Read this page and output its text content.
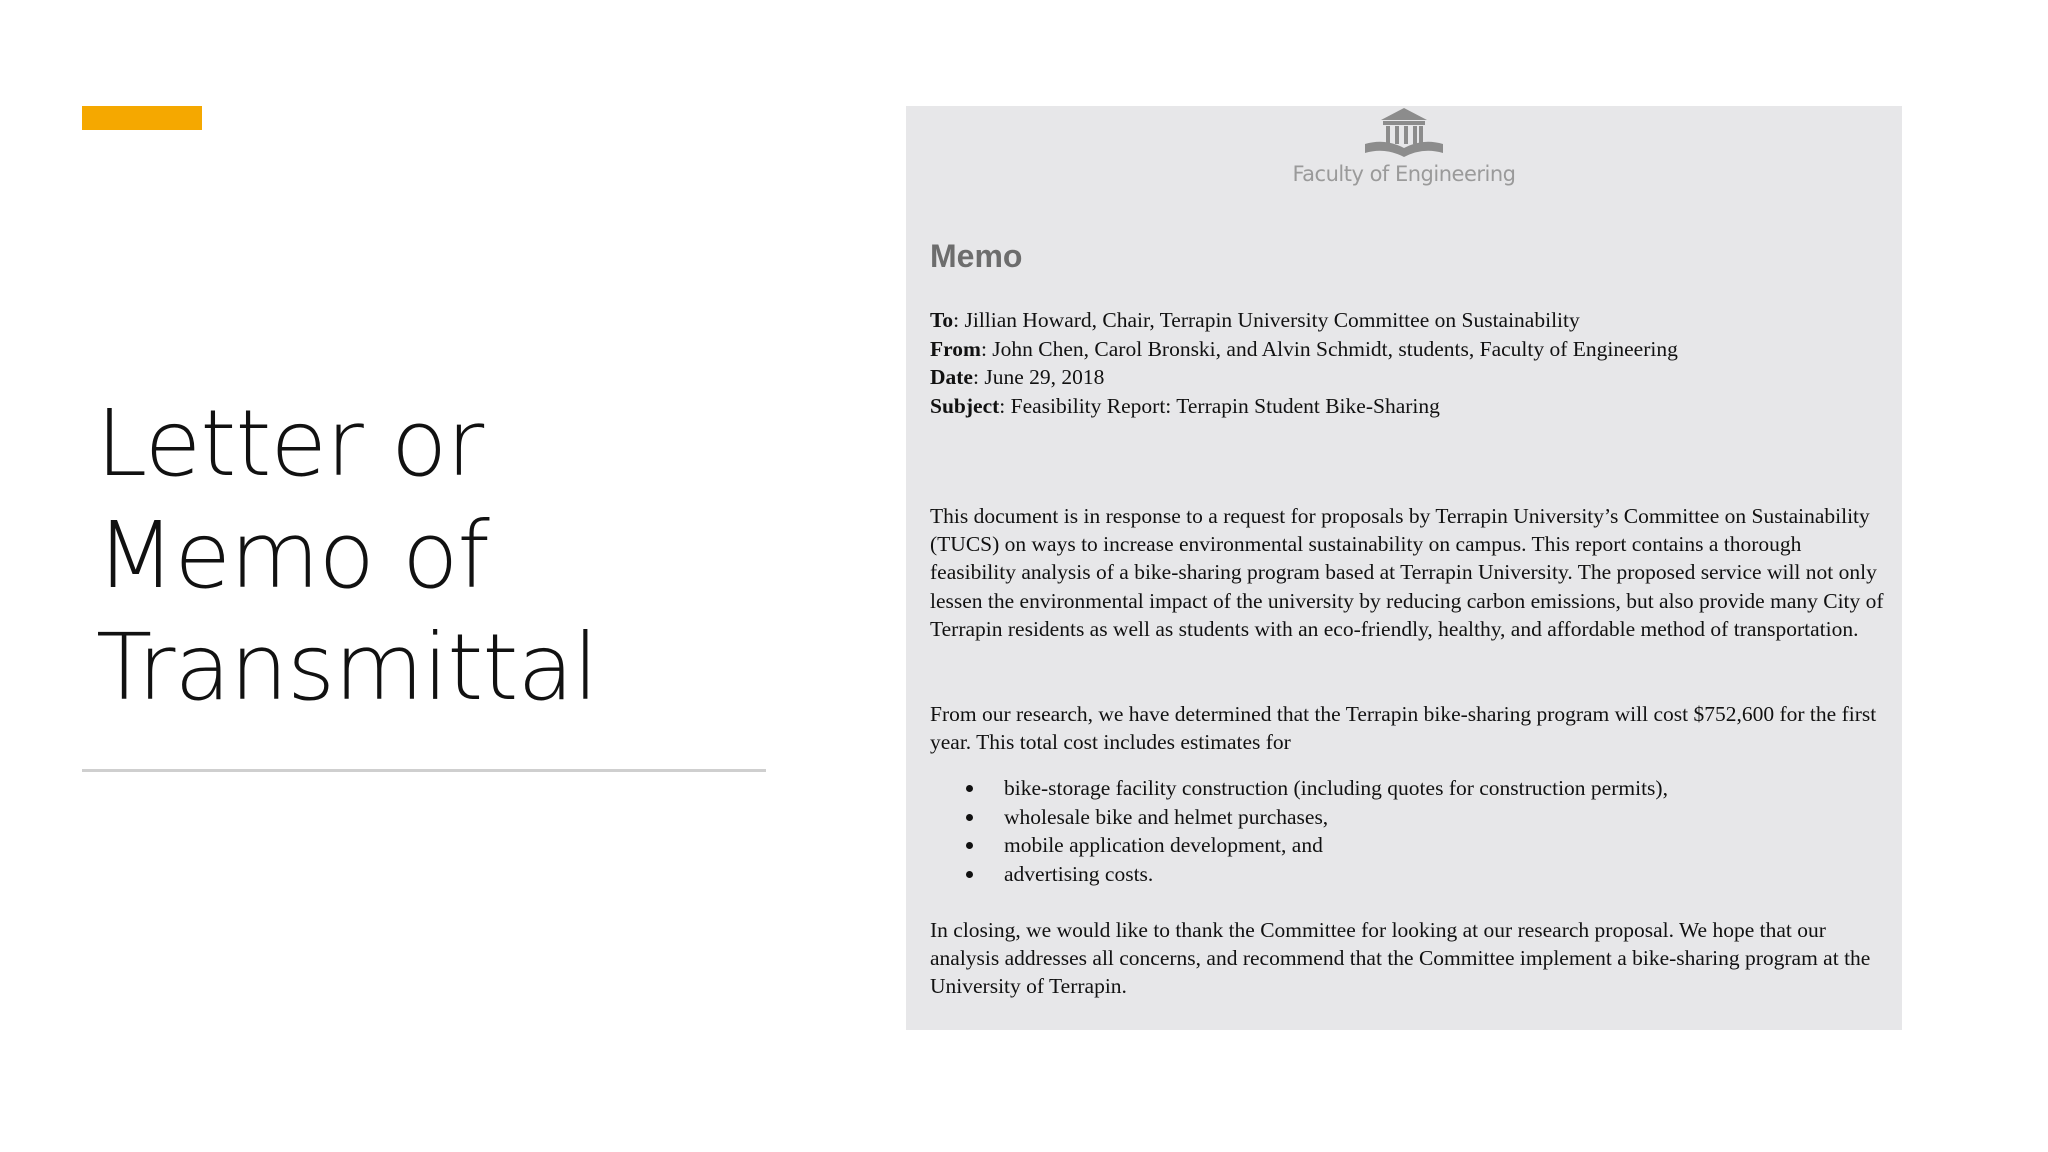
Letter or
Memo of
Transmittal
Faculty of Engineering
Memo
To: Jillian Howard, Chair, Terrapin University Committee on Sustainability
From: John Chen, Carol Bronski, and Alvin Schmidt, students, Faculty of Engineering
Date: June 29, 2018
Subject: Feasibility Report: Terrapin Student Bike-Sharing

This document is in response to a request for proposals by Terrapin University’s Committee on Sustainability (TUCS) on ways to increase environmental sustainability on campus. This report contains a thorough feasibility analysis of a bike-sharing program based at Terrapin University. The proposed service will not only lessen the environmental impact of the university by reducing carbon emissions, but also provide many City of Terrapin residents as well as students with an eco-friendly, healthy, and affordable method of transportation.

From our research, we have determined that the Terrapin bike-sharing program will cost $752,600 for the first year. This total cost includes estimates for

bike-storage facility construction (including quotes for construction permits),
wholesale bike and helmet purchases,
mobile application development, and
advertising costs.

In closing, we would like to thank the Committee for looking at our research proposal. We hope that our analysis addresses all concerns, and recommend that the Committee implement a bike-sharing program at the University of Terrapin.
